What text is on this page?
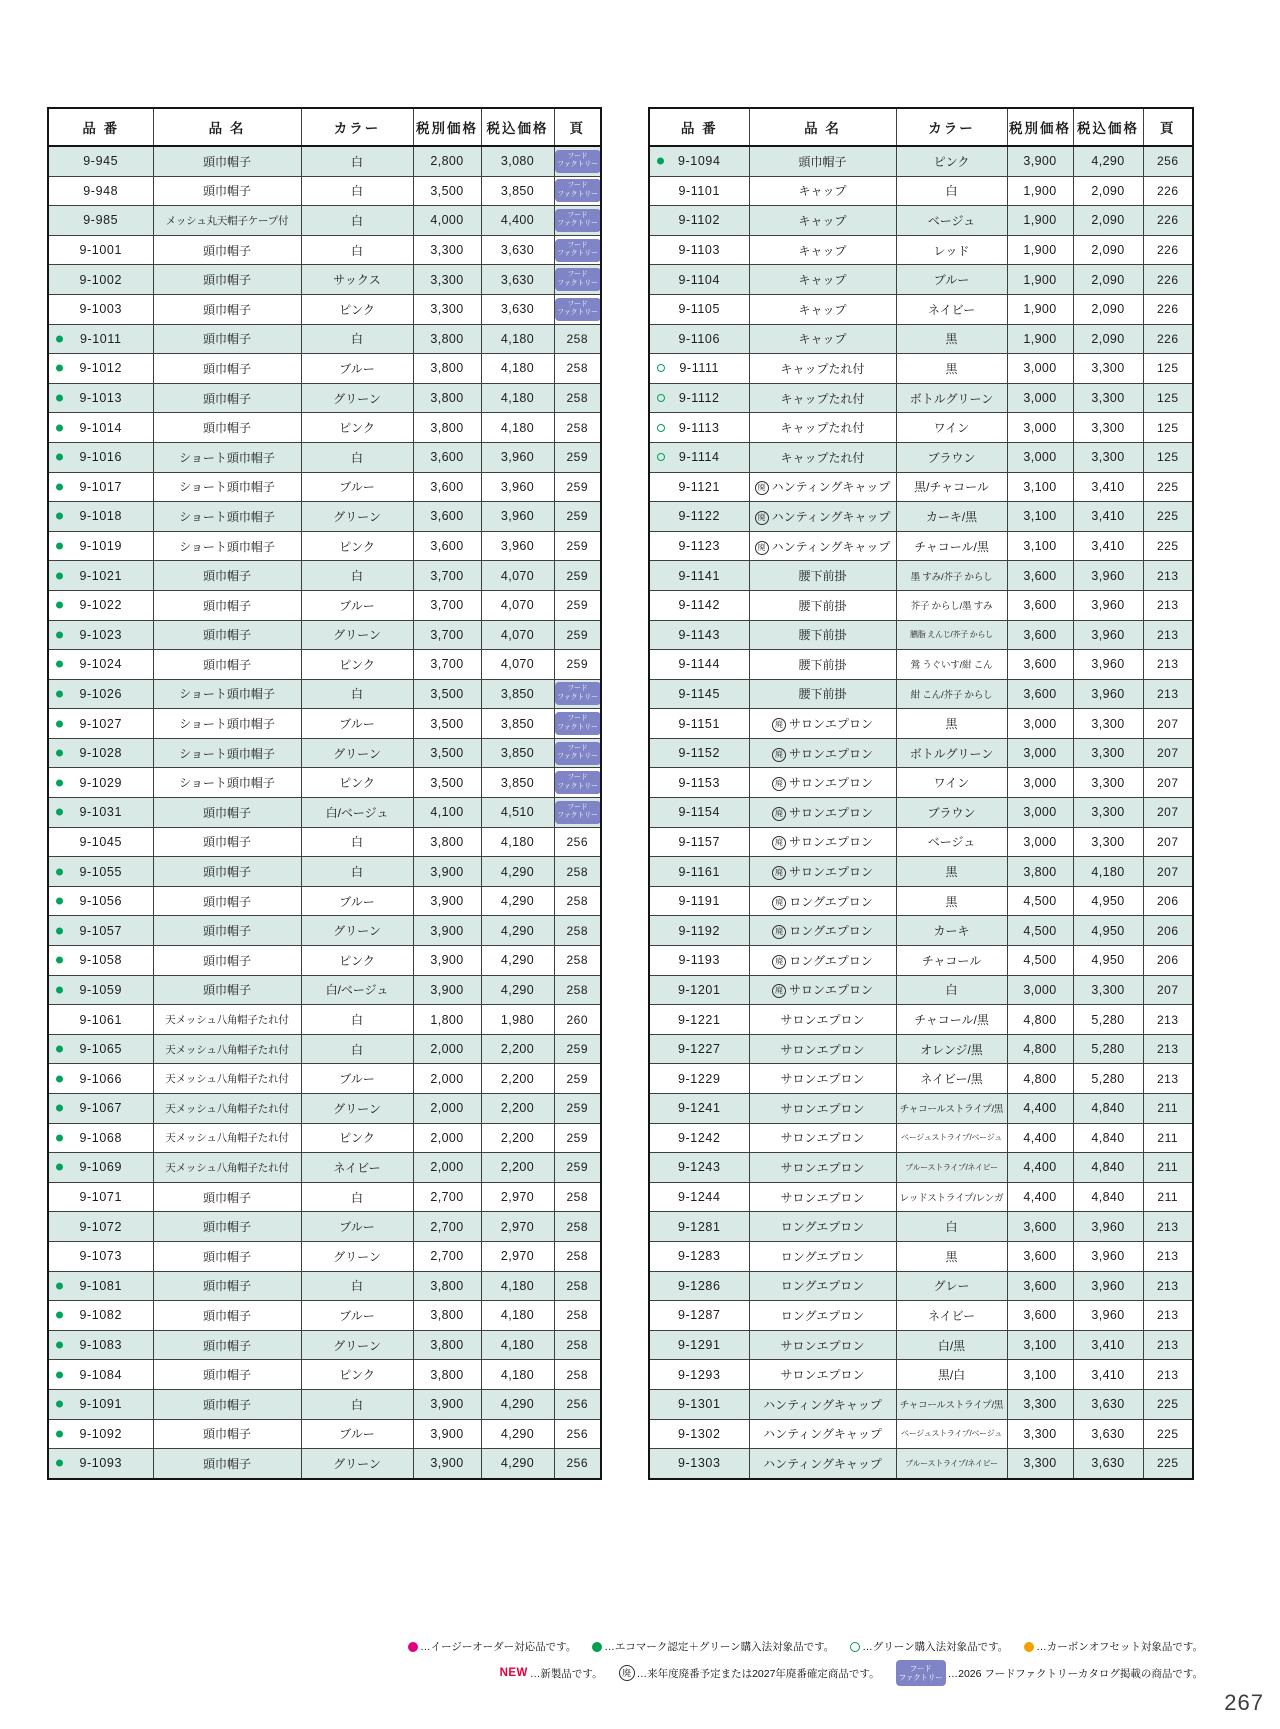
品 番	品 名	カラー	税別価格	税込価格	頁
9-945	頭巾帽子	白	2,800	3,080	フード
ファクトリー

9-948	頭巾帽子	白	3,500	3,850	フード
ファクトリー

9-985	メッシュ丸天帽子ケープ付	白	4,000	4,400	フード
ファクトリー

9-1001	頭巾帽子	白	3,300	3,630	フード
ファクトリー

9-1002	頭巾帽子	サックス	3,300	3,630	フード
ファクトリー

9-1003	頭巾帽子	ピンク	3,300	3,630	フード
ファクトリー

9-1011	頭巾帽子	白	3,800	4,180	258

9-1012	頭巾帽子	ブルー	3,800	4,180	258

9-1013	頭巾帽子	グリーン	3,800	4,180	258

9-1014	頭巾帽子	ピンク	3,800	4,180	258

9-1016	ショート頭巾帽子	白	3,600	3,960	259

9-1017	ショート頭巾帽子	ブルー	3,600	3,960	259

9-1018	ショート頭巾帽子	グリーン	3,600	3,960	259

9-1019	ショート頭巾帽子	ピンク	3,600	3,960	259

9-1021	頭巾帽子	白	3,700	4,070	259

9-1022	頭巾帽子	ブルー	3,700	4,070	259

9-1023	頭巾帽子	グリーン	3,700	4,070	259

9-1024	頭巾帽子	ピンク	3,700	4,070	259

9-1026	ショート頭巾帽子	白	3,500	3,850	フード
ファクトリー

9-1027	ショート頭巾帽子	ブルー	3,500	3,850	フード
ファクトリー

9-1028	ショート頭巾帽子	グリーン	3,500	3,850	フード
ファクトリー

9-1029	ショート頭巾帽子	ピンク	3,500	3,850	フード
ファクトリー

9-1031	頭巾帽子	白/ベージュ	4,100	4,510	フード
ファクトリー

9-1045	頭巾帽子	白	3,800	4,180	256

9-1055	頭巾帽子	白	3,900	4,290	258

9-1056	頭巾帽子	ブルー	3,900	4,290	258

9-1057	頭巾帽子	グリーン	3,900	4,290	258

9-1058	頭巾帽子	ピンク	3,900	4,290	258

9-1059	頭巾帽子	白/ベージュ	3,900	4,290	258
9-1061	天メッシュ八角帽子たれ付	白	1,800	1,980	260

9-1065	天メッシュ八角帽子たれ付	白	2,000	2,200	259

9-1066	天メッシュ八角帽子たれ付	ブルー	2,000	2,200	259

9-1067	天メッシュ八角帽子たれ付	グリーン	2,000	2,200	259

9-1068	天メッシュ八角帽子たれ付	ピンク	2,000	2,200	259

9-1069	天メッシュ八角帽子たれ付	ネイビー	2,000	2,200	259
9-1071	頭巾帽子	白	2,700	2,970	258
9-1072	頭巾帽子	ブルー	2,700	2,970	258
9-1073	頭巾帽子	グリーン	2,700	2,970	258

9-1081	頭巾帽子	白	3,800	4,180	258

9-1082	頭巾帽子	ブルー	3,800	4,180	258

9-1083	頭巾帽子	グリーン	3,800	4,180	258

9-1084	頭巾帽子	ピンク	3,800	4,180	258

9-1091	頭巾帽子	白	3,900	4,290	256

9-1092	頭巾帽子	ブルー	3,900	4,290	256

9-1093	頭巾帽子	グリーン	3,900	4,290	256
品 番	品 名	カラー	税別価格	税込価格	頁

9-1094	頭巾帽子	ピンク	3,900	4,290	256
9-1101	キャップ	白	1,900	2,090	226
9-1102	キャップ	ベージュ	1,900	2,090	226
9-1103	キャップ	レッド	1,900	2,090	226
9-1104	キャップ	ブルー	1,900	2,090	226
9-1105	キャップ	ネイビー	1,900	2,090	226
9-1106	キャップ	黒	1,900	2,090	226

9-1111	キャップたれ付	黒	3,000	3,300	125

9-1112	キャップたれ付	ボトルグリーン	3,000	3,300	125

9-1113	キャップたれ付	ワイン	3,000	3,300	125

9-1114	キャップたれ付	ブラウン	3,000	3,300	125
9-1121	廃 ハンティングキャップ	黒/チャコール	3,100	3,410	225
9-1122	廃 ハンティングキャップ	カーキ/黒	3,100	3,410	225
9-1123	廃 ハンティングキャップ	チャコール/黒	3,100	3,410	225
9-1141	腰下前掛	墨 すみ/芥子 からし	3,600	3,960	213
9-1142	腰下前掛	芥子 からし/墨 すみ	3,600	3,960	213
9-1143	腰下前掛	臙脂 えんじ/芥子 からし	3,600	3,960	213
9-1144	腰下前掛	鶯 うぐいす/紺 こん	3,600	3,960	213
9-1145	腰下前掛	紺 こん/芥子 からし	3,600	3,960	213
9-1151	廃 サロンエプロン	黒	3,000	3,300	207
9-1152	廃 サロンエプロン	ボトルグリーン	3,000	3,300	207
9-1153	廃 サロンエプロン	ワイン	3,000	3,300	207
9-1154	廃 サロンエプロン	ブラウン	3,000	3,300	207
9-1157	廃 サロンエプロン	ベージュ	3,000	3,300	207
9-1161	廃 サロンエプロン	黒	3,800	4,180	207
9-1191	廃 ロングエプロン	黒	4,500	4,950	206
9-1192	廃 ロングエプロン	カーキ	4,500	4,950	206
9-1193	廃 ロングエプロン	チャコール	4,500	4,950	206
9-1201	廃 サロンエプロン	白	3,000	3,300	207
9-1221	サロンエプロン	チャコール/黒	4,800	5,280	213
9-1227	サロンエプロン	オレンジ/黒	4,800	5,280	213
9-1229	サロンエプロン	ネイビー/黒	4,800	5,280	213
9-1241	サロンエプロン	チャコールストライプ/黒	4,400	4,840	211
9-1242	サロンエプロン	ベージュストライプ/ベージュ	4,400	4,840	211
9-1243	サロンエプロン	ブルーストライプ/ネイビー	4,400	4,840	211
9-1244	サロンエプロン	レッドストライプ/レンガ	4,400	4,840	211
9-1281	ロングエプロン	白	3,600	3,960	213
9-1283	ロングエプロン	黒	3,600	3,960	213
9-1286	ロングエプロン	グレー	3,600	3,960	213
9-1287	ロングエプロン	ネイビー	3,600	3,960	213
9-1291	サロンエプロン	白/黒	3,100	3,410	213
9-1293	サロンエプロン	黒/白	3,100	3,410	213
9-1301	ハンティングキャップ	チャコールストライプ/黒	3,300	3,630	225
9-1302	ハンティングキャップ	ベージュストライプ/ベージュ	3,300	3,630	225
9-1303	ハンティングキャップ	ブルーストライプ/ネイビー	3,300	3,630	225
…イージーオーダー対応品です。	…エコマーク認定＋グリーン購入法対象品です。	…グリーン購入法対象品です。	…カーボンオフセット対象品です。
NEW …新製品です。	廃 …来年度廃番予定または2027年廃番確定商品です。	フード
ファクトリー …2026 フードファクトリーカタログ掲載の商品です。
267
